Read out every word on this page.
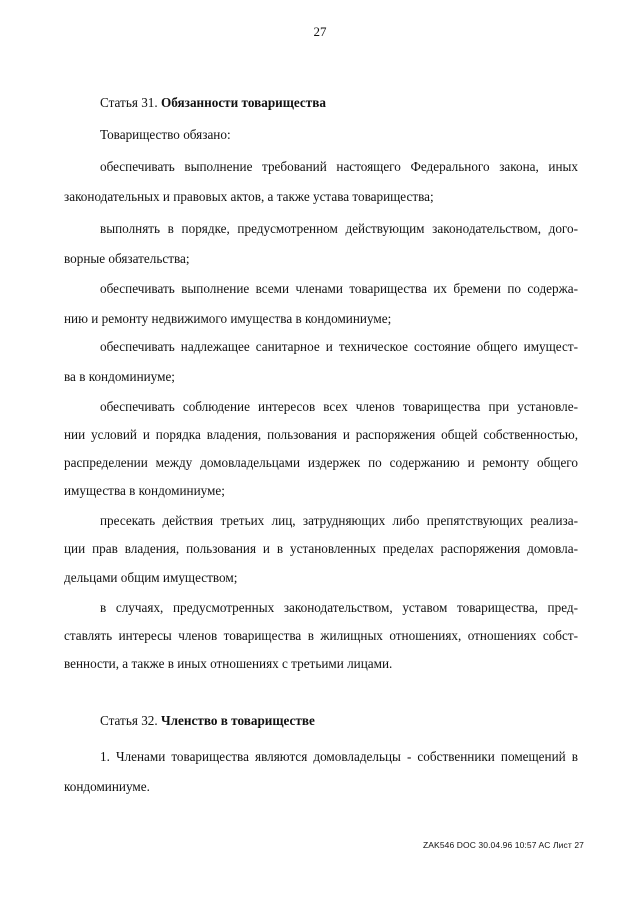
27
Статья 31. Обязанности товарищества
Товарищество обязано:
обеспечивать выполнение требований настоящего Федерального закона, иных
законодательных и правовых актов, а также устава товарищества;
выполнять в порядке, предусмотренном действующим законодательством, дого-
ворные обязательства;
обеспечивать выполнение всеми членами товарищества их бремени по содержа-
нию и ремонту недвижимого имущества в кондоминиуме;
обеспечивать надлежащее санитарное и техническое состояние общего имущест-
ва в кондоминиуме;
обеспечивать соблюдение интересов всех членов товарищества при установле-
нии условий и порядка владения, пользования и распоряжения общей собственностью,
распределении между домовладельцами издержек по содержанию и ремонту общего
имущества в кондоминиуме;
пресекать действия третьих лиц, затрудняющих либо препятствующих реализа-
ции прав владения, пользования и в установленных пределах распоряжения домовла-
дельцами общим имуществом;
в случаях, предусмотренных законодательством, уставом товарищества, пред-
ставлять интересы членов товарищества в жилищных отношениях, отношениях собст-
венности, а также в иных отношениях с третьими лицами.
Статья 32. Членство в товариществе
1. Членами товарищества являются домовладельцы - собственники помещений в
кондоминиуме.
ZAK546 DOC 30.04.96 10:57 AC Лист 27
